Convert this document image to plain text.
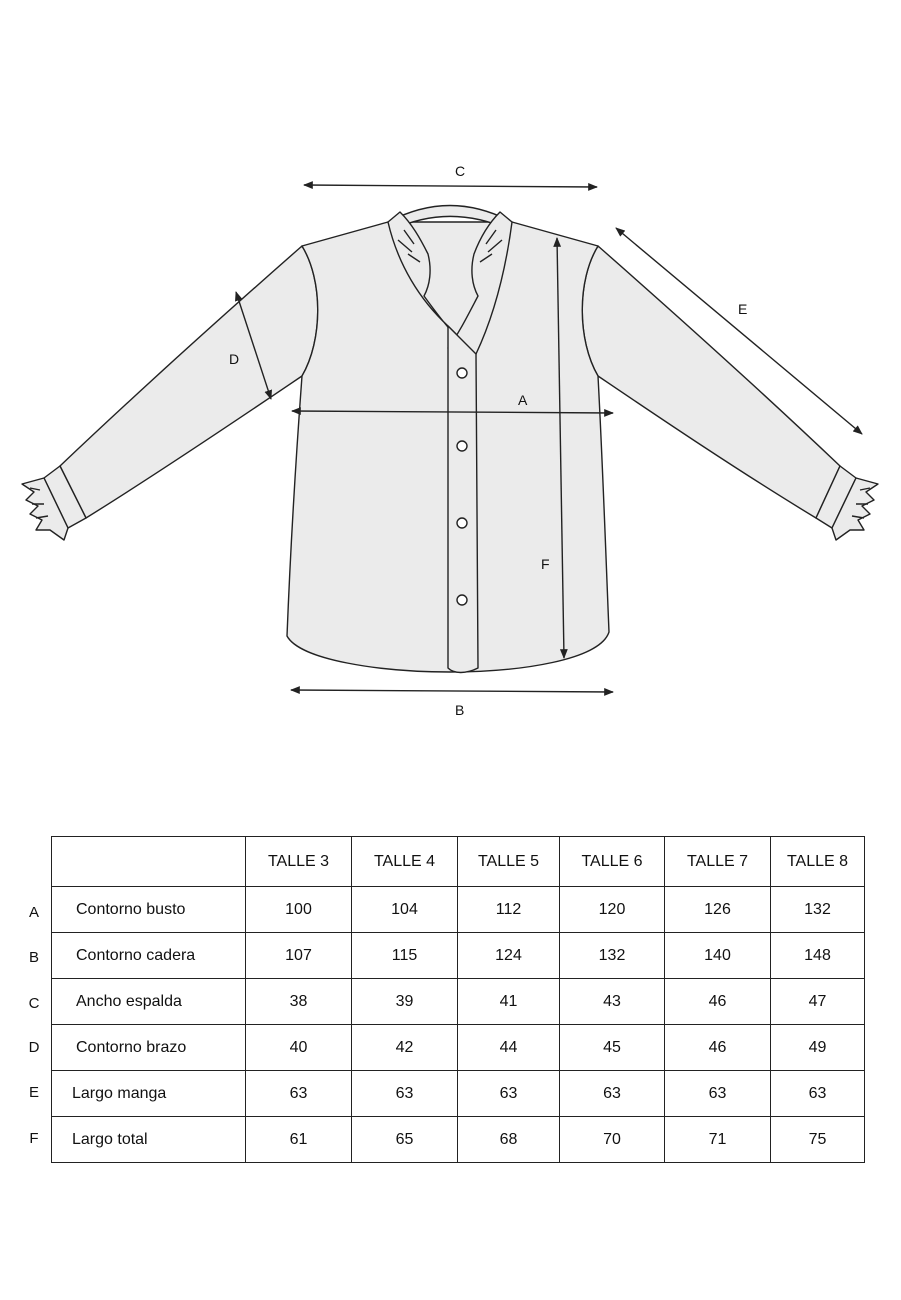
C
A
B
D
E
F
A
B
C
D
E
F
	TALLE 3	TALLE 4	TALLE 5	TALLE 6	TALLE 7	TALLE 8
Contorno busto	100	104	112	120	126	132
Contorno cadera	107	115	124	132	140	148
Ancho espalda	38	39	41	43	46	47
Contorno brazo	40	42	44	45	46	49
Largo manga	63	63	63	63	63	63
Largo total	61	65	68	70	71	75
